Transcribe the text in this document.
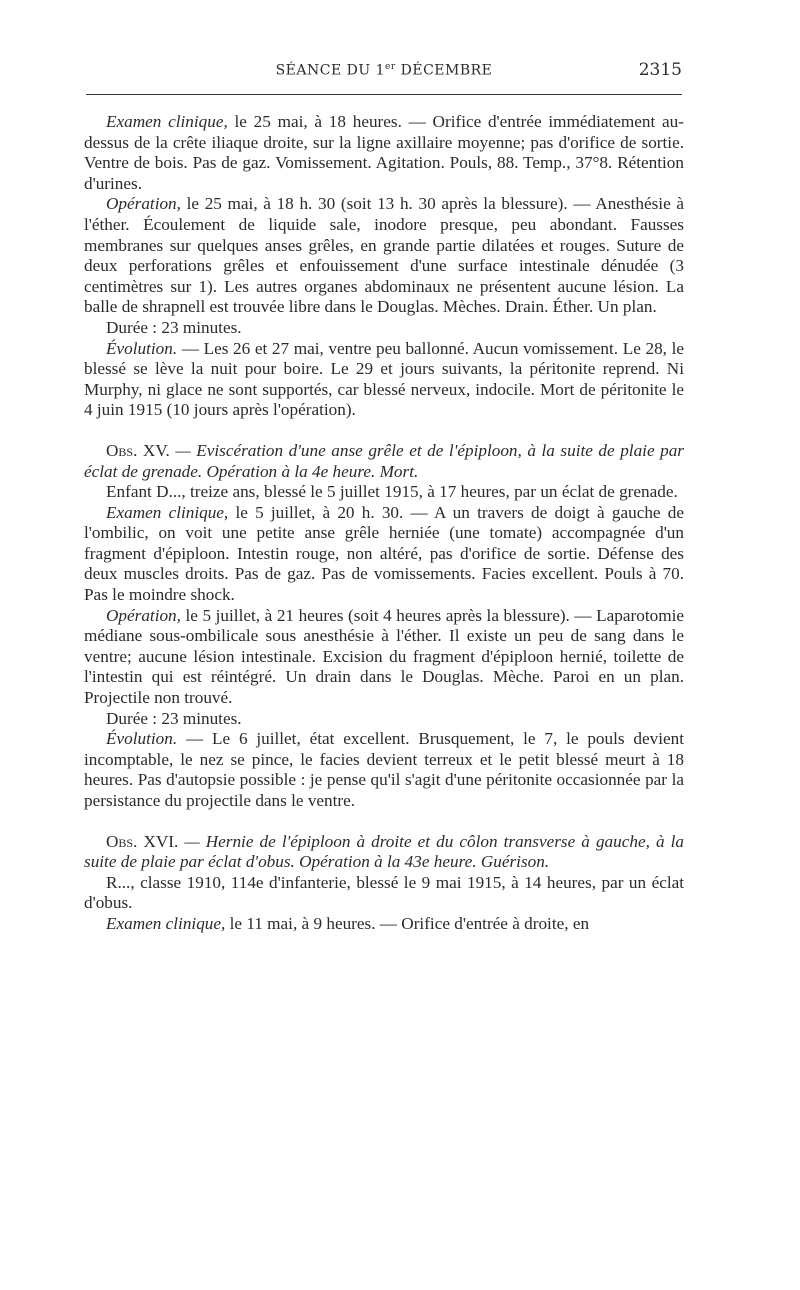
SÉANCE DU 1er DÉCEMBRE	2315

Examen clinique, le 25 mai, à 18 heures. — Orifice d'entrée immédiatement au-dessus de la crête iliaque droite, sur la ligne axillaire moyenne; pas d'orifice de sortie. Ventre de bois. Pas de gaz. Vomissement. Agitation. Pouls, 88. Temp., 37°8. Rétention d'urines.

Opération, le 25 mai, à 18 h. 30 (soit 13 h. 30 après la blessure). — Anesthésie à l'éther. Écoulement de liquide sale, inodore presque, peu abondant. Fausses membranes sur quelques anses grêles, en grande partie dilatées et rouges. Suture de deux perforations grêles et enfouissement d'une surface intestinale dénudée (3 centimètres sur 1). Les autres organes abdominaux ne présentent aucune lésion. La balle de shrapnell est trouvée libre dans le Douglas. Mèches. Drain. Éther. Un plan.

Durée : 23 minutes.

Évolution. — Les 26 et 27 mai, ventre peu ballonné. Aucun vomissement. Le 28, le blessé se lève la nuit pour boire. Le 29 et jours suivants, la péritonite reprend. Ni Murphy, ni glace ne sont supportés, car blessé nerveux, indocile. Mort de péritonite le 4 juin 1915 (10 jours après l'opération).

Obs. XV. — Eviscération d'une anse grêle et de l'épiploon, à la suite de plaie par éclat de grenade. Opération à la 4e heure. Mort.

Enfant D..., treize ans, blessé le 5 juillet 1915, à 17 heures, par un éclat de grenade.

Examen clinique, le 5 juillet, à 20 h. 30. — A un travers de doigt à gauche de l'ombilic, on voit une petite anse grêle herniée (une tomate) accompagnée d'un fragment d'épiploon. Intestin rouge, non altéré, pas d'orifice de sortie. Défense des deux muscles droits. Pas de gaz. Pas de vomissements. Facies excellent. Pouls à 70. Pas le moindre shock.

Opération, le 5 juillet, à 21 heures (soit 4 heures après la blessure). — Laparotomie médiane sous-ombilicale sous anesthésie à l'éther. Il existe un peu de sang dans le ventre; aucune lésion intestinale. Excision du fragment d'épiploon hernié, toilette de l'intestin qui est réintégré. Un drain dans le Douglas. Mèche. Paroi en un plan. Projectile non trouvé.

Durée : 23 minutes.

Évolution. — Le 6 juillet, état excellent. Brusquement, le 7, le pouls devient incomptable, le nez se pince, le facies devient terreux et le petit blessé meurt à 18 heures. Pas d'autopsie possible : je pense qu'il s'agit d'une péritonite occasionnée par la persistance du projectile dans le ventre.

Obs. XVI. — Hernie de l'épiploon à droite et du côlon transverse à gauche, à la suite de plaie par éclat d'obus. Opération à la 43e heure. Guérison.

R..., classe 1910, 114e d'infanterie, blessé le 9 mai 1915, à 14 heures, par un éclat d'obus.

Examen clinique, le 11 mai, à 9 heures. — Orifice d'entrée à droite, en
